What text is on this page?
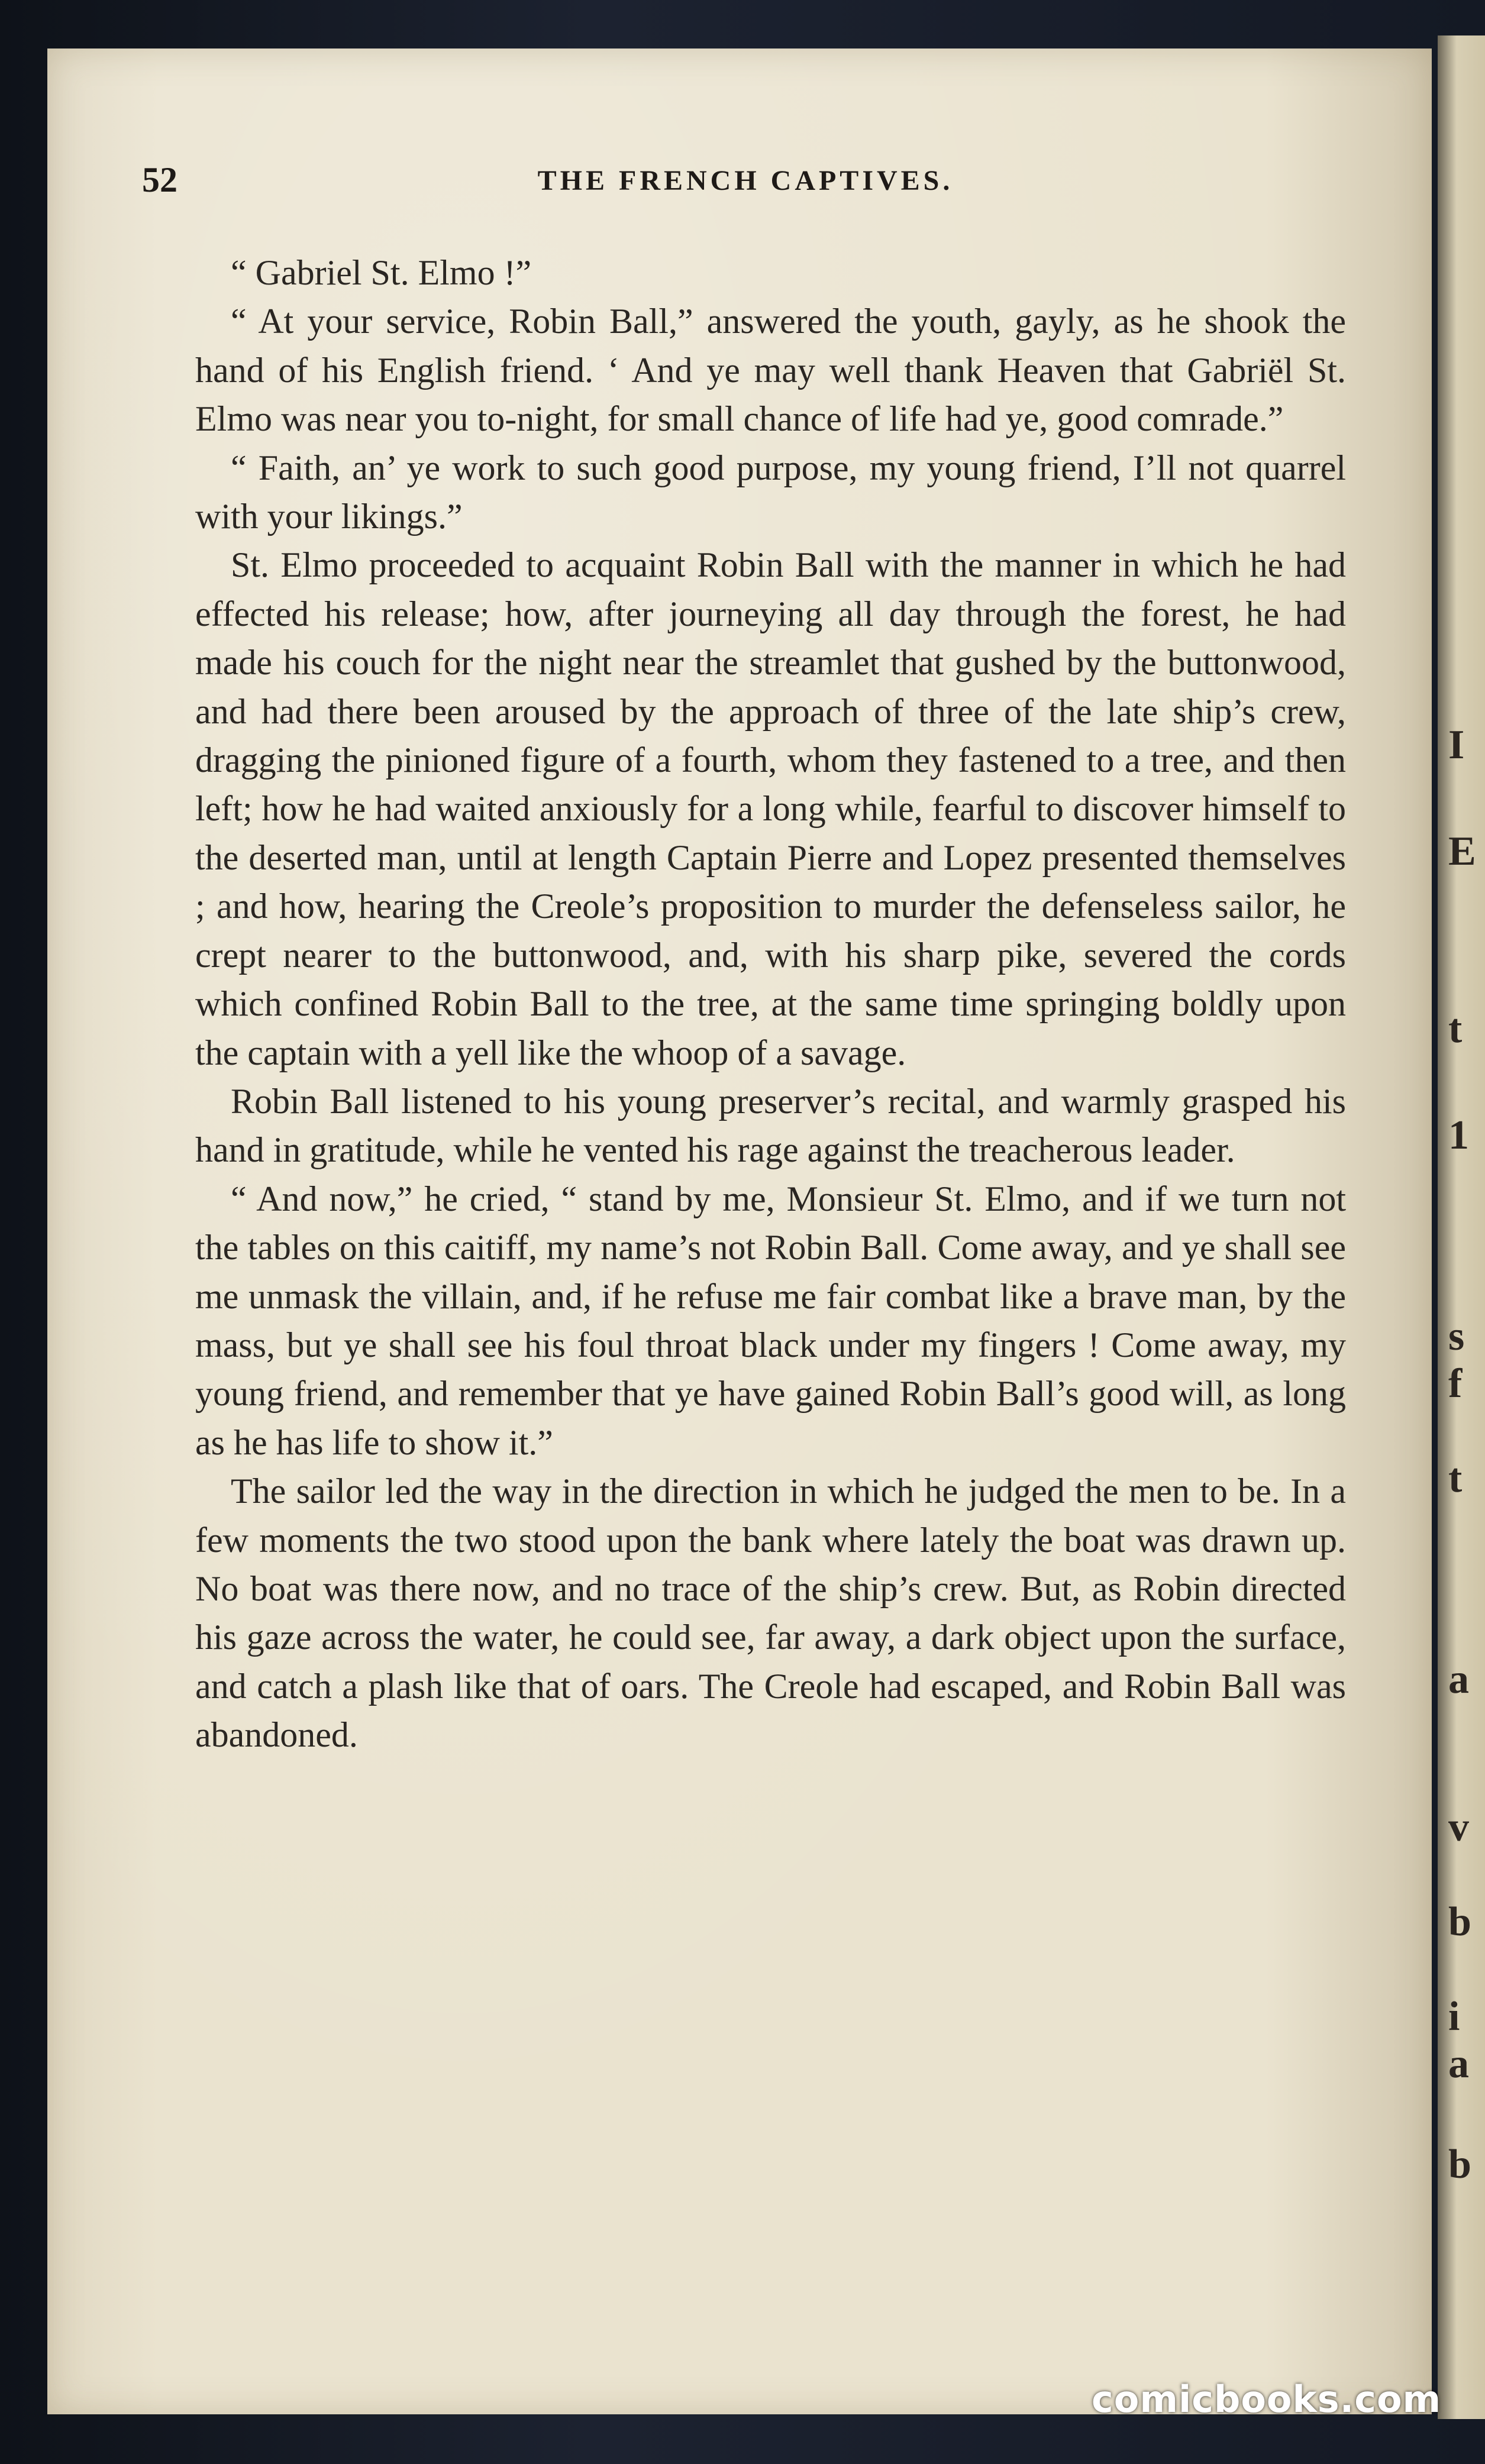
I
E
t
1
s
f
t
a
v
b
i
a
b
52	THE FRENCH CAPTIVES.

“ Gabriel St. Elmo !”

“ At your service, Robin Ball,” answered the youth, gayly, as he shook the hand of his English friend. ‘ And ye may well thank Heaven that Gabriël St. Elmo was near you to-night, for small chance of life had ye, good comrade.”

“ Faith, an’ ye work to such good purpose, my young friend, I’ll not quarrel with your likings.”

St. Elmo proceeded to acquaint Robin Ball with the manner in which he had effected his release; how, after journeying all day through the forest, he had made his couch for the night near the streamlet that gushed by the buttonwood, and had there been aroused by the approach of three of the late ship’s crew, dragging the pinioned figure of a fourth, whom they fastened to a tree, and then left; how he had waited anxiously for a long while, fearful to discover himself to the deserted man, until at length Captain Pierre and Lopez presented themselves ; and how, hearing the Creole’s proposition to murder the defenseless sailor, he crept nearer to the buttonwood, and, with his sharp pike, severed the cords which confined Robin Ball to the tree, at the same time springing boldly upon the captain with a yell like the whoop of a savage.

Robin Ball listened to his young preserver’s recital, and warmly grasped his hand in gratitude, while he vented his rage against the treacherous leader.

“ And now,” he cried, “ stand by me, Monsieur St. Elmo, and if we turn not the tables on this caitiff, my name’s not Robin Ball. Come away, and ye shall see me unmask the villain, and, if he refuse me fair combat like a brave man, by the mass, but ye shall see his foul throat black under my fingers ! Come away, my young friend, and remember that ye have gained Robin Ball’s good will, as long as he has life to show it.”

The sailor led the way in the direction in which he judged the men to be. In a few moments the two stood upon the bank where lately the boat was drawn up. No boat was there now, and no trace of the ship’s crew. But, as Robin directed his gaze across the water, he could see, far away, a dark object upon the surface, and catch a plash like that of oars. The Creole had escaped, and Robin Ball was abandoned.

comicbooks.com
